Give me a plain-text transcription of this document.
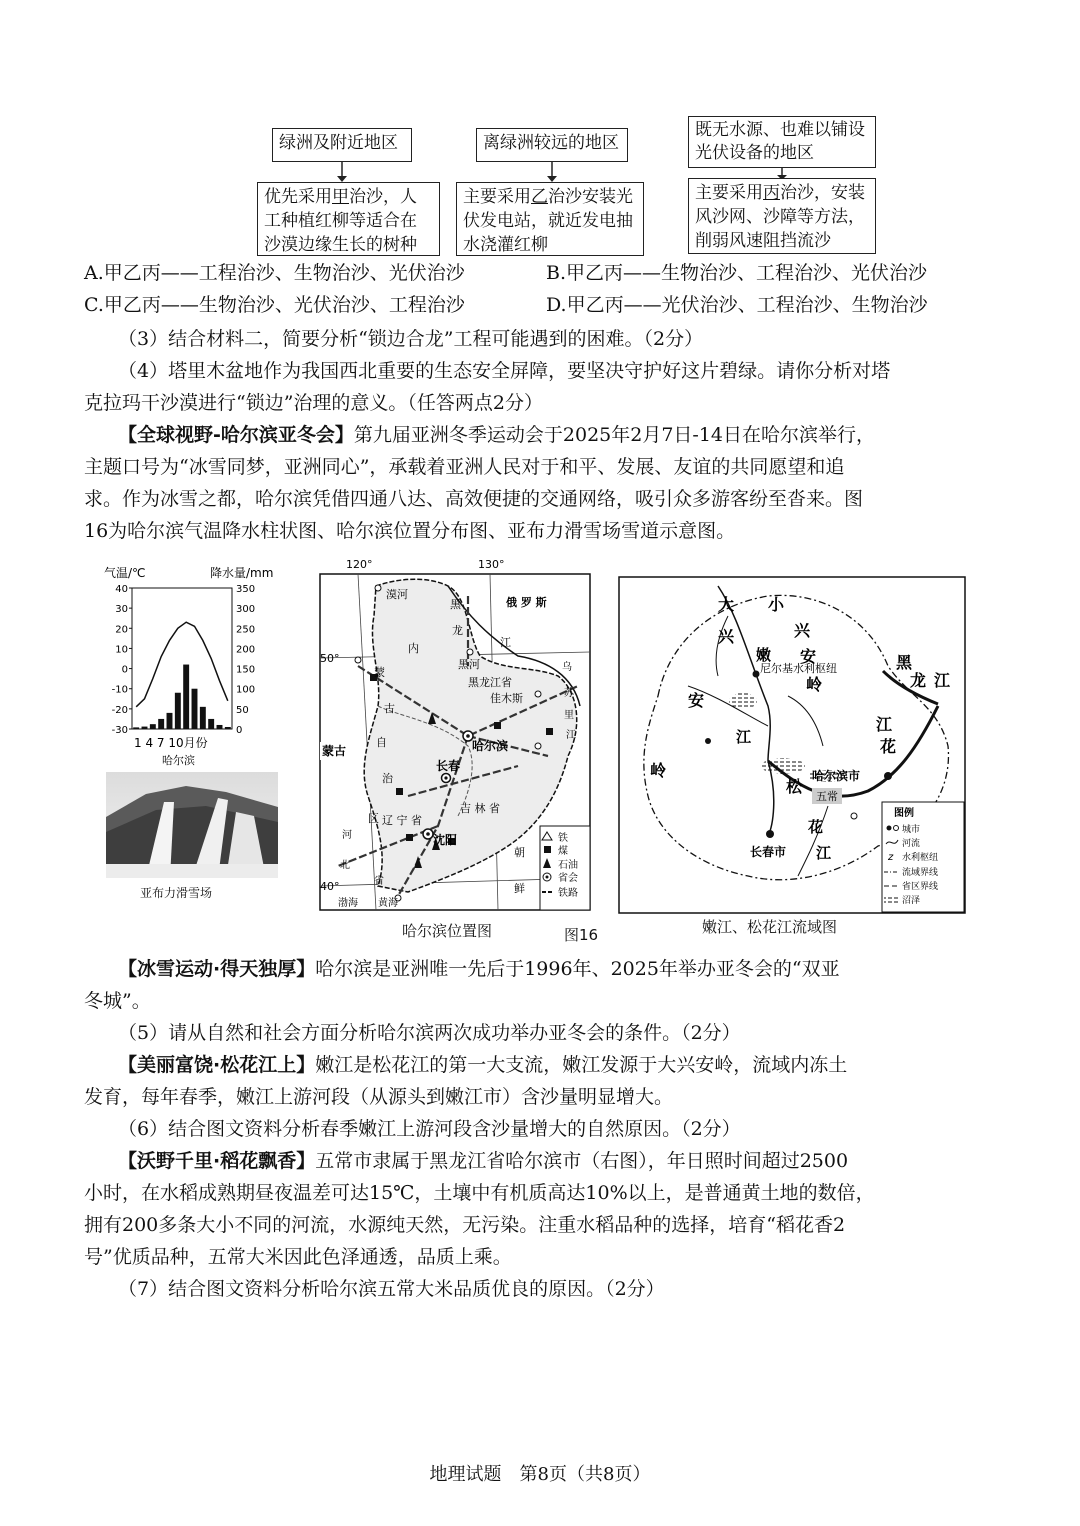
绿洲及附近地区	离绿洲较远的地区
既无水源、也难以铺设光伏设备的地区
优先采用甲治沙，人工种植红柳等适合在沙漠边缘生长的树种
主要采用乙治沙安装光伏发电站，就近发电抽水浇灌红柳
主要采用丙治沙，安装风沙网、沙障等方法，削弱风速阻挡流沙
A.甲乙丙——工程治沙、生物治沙、光伏治沙	B.甲乙丙——生物治沙、工程治沙、光伏治沙
C.甲乙丙——生物治沙、光伏治沙、工程治沙	D.甲乙丙——光伏治沙、工程治沙、生物治沙
（3）结合材料二，简要分析“锁边合龙”工程可能遇到的困难。（2分）
（4）塔里木盆地作为我国西北重要的生态安全屏障，要坚决守护好这片碧绿。请你分析对塔
克拉玛干沙漠进行“锁边”治理的意义。（任答两点2分）
【全球视野-哈尔滨亚冬会】第九届亚洲冬季运动会于2025年2月7日-14日在哈尔滨举行，
主题口号为“冰雪同梦，亚洲同心”，承载着亚洲人民对于和平、发展、友谊的共同愿望和追
求。作为冰雪之都，哈尔滨凭借四通八达、高效便捷的交通网络，吸引众多游客纷至沓来。图
16为哈尔滨气温降水柱状图、哈尔滨位置分布图、亚布力滑雪场雪道示意图。
气温/℃	降水量/mm
40
30
20
10
0
-10
-20
-30
350
300
250
200
150
100
50
0
1 4 7 10月份
哈尔滨
亚布力滑雪场
120°	130°
50°
40°
漠河
黑河
佳木斯
哈尔滨
长春
沈阳
黑龙江省
吉 林 省
辽 宁 省
俄 罗 斯
蒙古
内
蒙
古
自
治
区
黑
龙
江
乌
苏
里
江
河
北
省
朝
鲜
渤海 黄海
铁
煤
石油
省会
铁路
哈尔滨位置图	图16
大 小
兴
兴
安
岭
安
岭
嫩
江
黑
龙 江
松
花
江
花
江
尼尔基水利枢纽
哈尔滨市
五常
长春市
图例
城市
河流
z 水利枢纽
流域界线
省区界线
沼泽
嫩江、松花江流域图
【冰雪运动·得天独厚】哈尔滨是亚洲唯一先后于1996年、2025年举办亚冬会的“双亚
冬城”。
（5）请从自然和社会方面分析哈尔滨两次成功举办亚冬会的条件。（2分）
【美丽富饶·松花江上】嫩江是松花江的第一大支流，嫩江发源于大兴安岭，流域内冻土
发育，每年春季，嫩江上游河段（从源头到嫩江市）含沙量明显增大。
（6）结合图文资料分析春季嫩江上游河段含沙量增大的自然原因。（2分）
【沃野千里·稻花飘香】五常市隶属于黑龙江省哈尔滨市（右图），年日照时间超过2500
小时，在水稻成熟期昼夜温差可达15℃，土壤中有机质高达10%以上，是普通黄土地的数倍，
拥有200多条大小不同的河流，水源纯天然，无污染。注重水稻品种的选择，培育“稻花香2
号”优质品种，五常大米因此色泽通透，品质上乘。
（7）结合图文资料分析哈尔滨五常大米品质优良的原因。（2分）
地理试题　第8页（共8页）
